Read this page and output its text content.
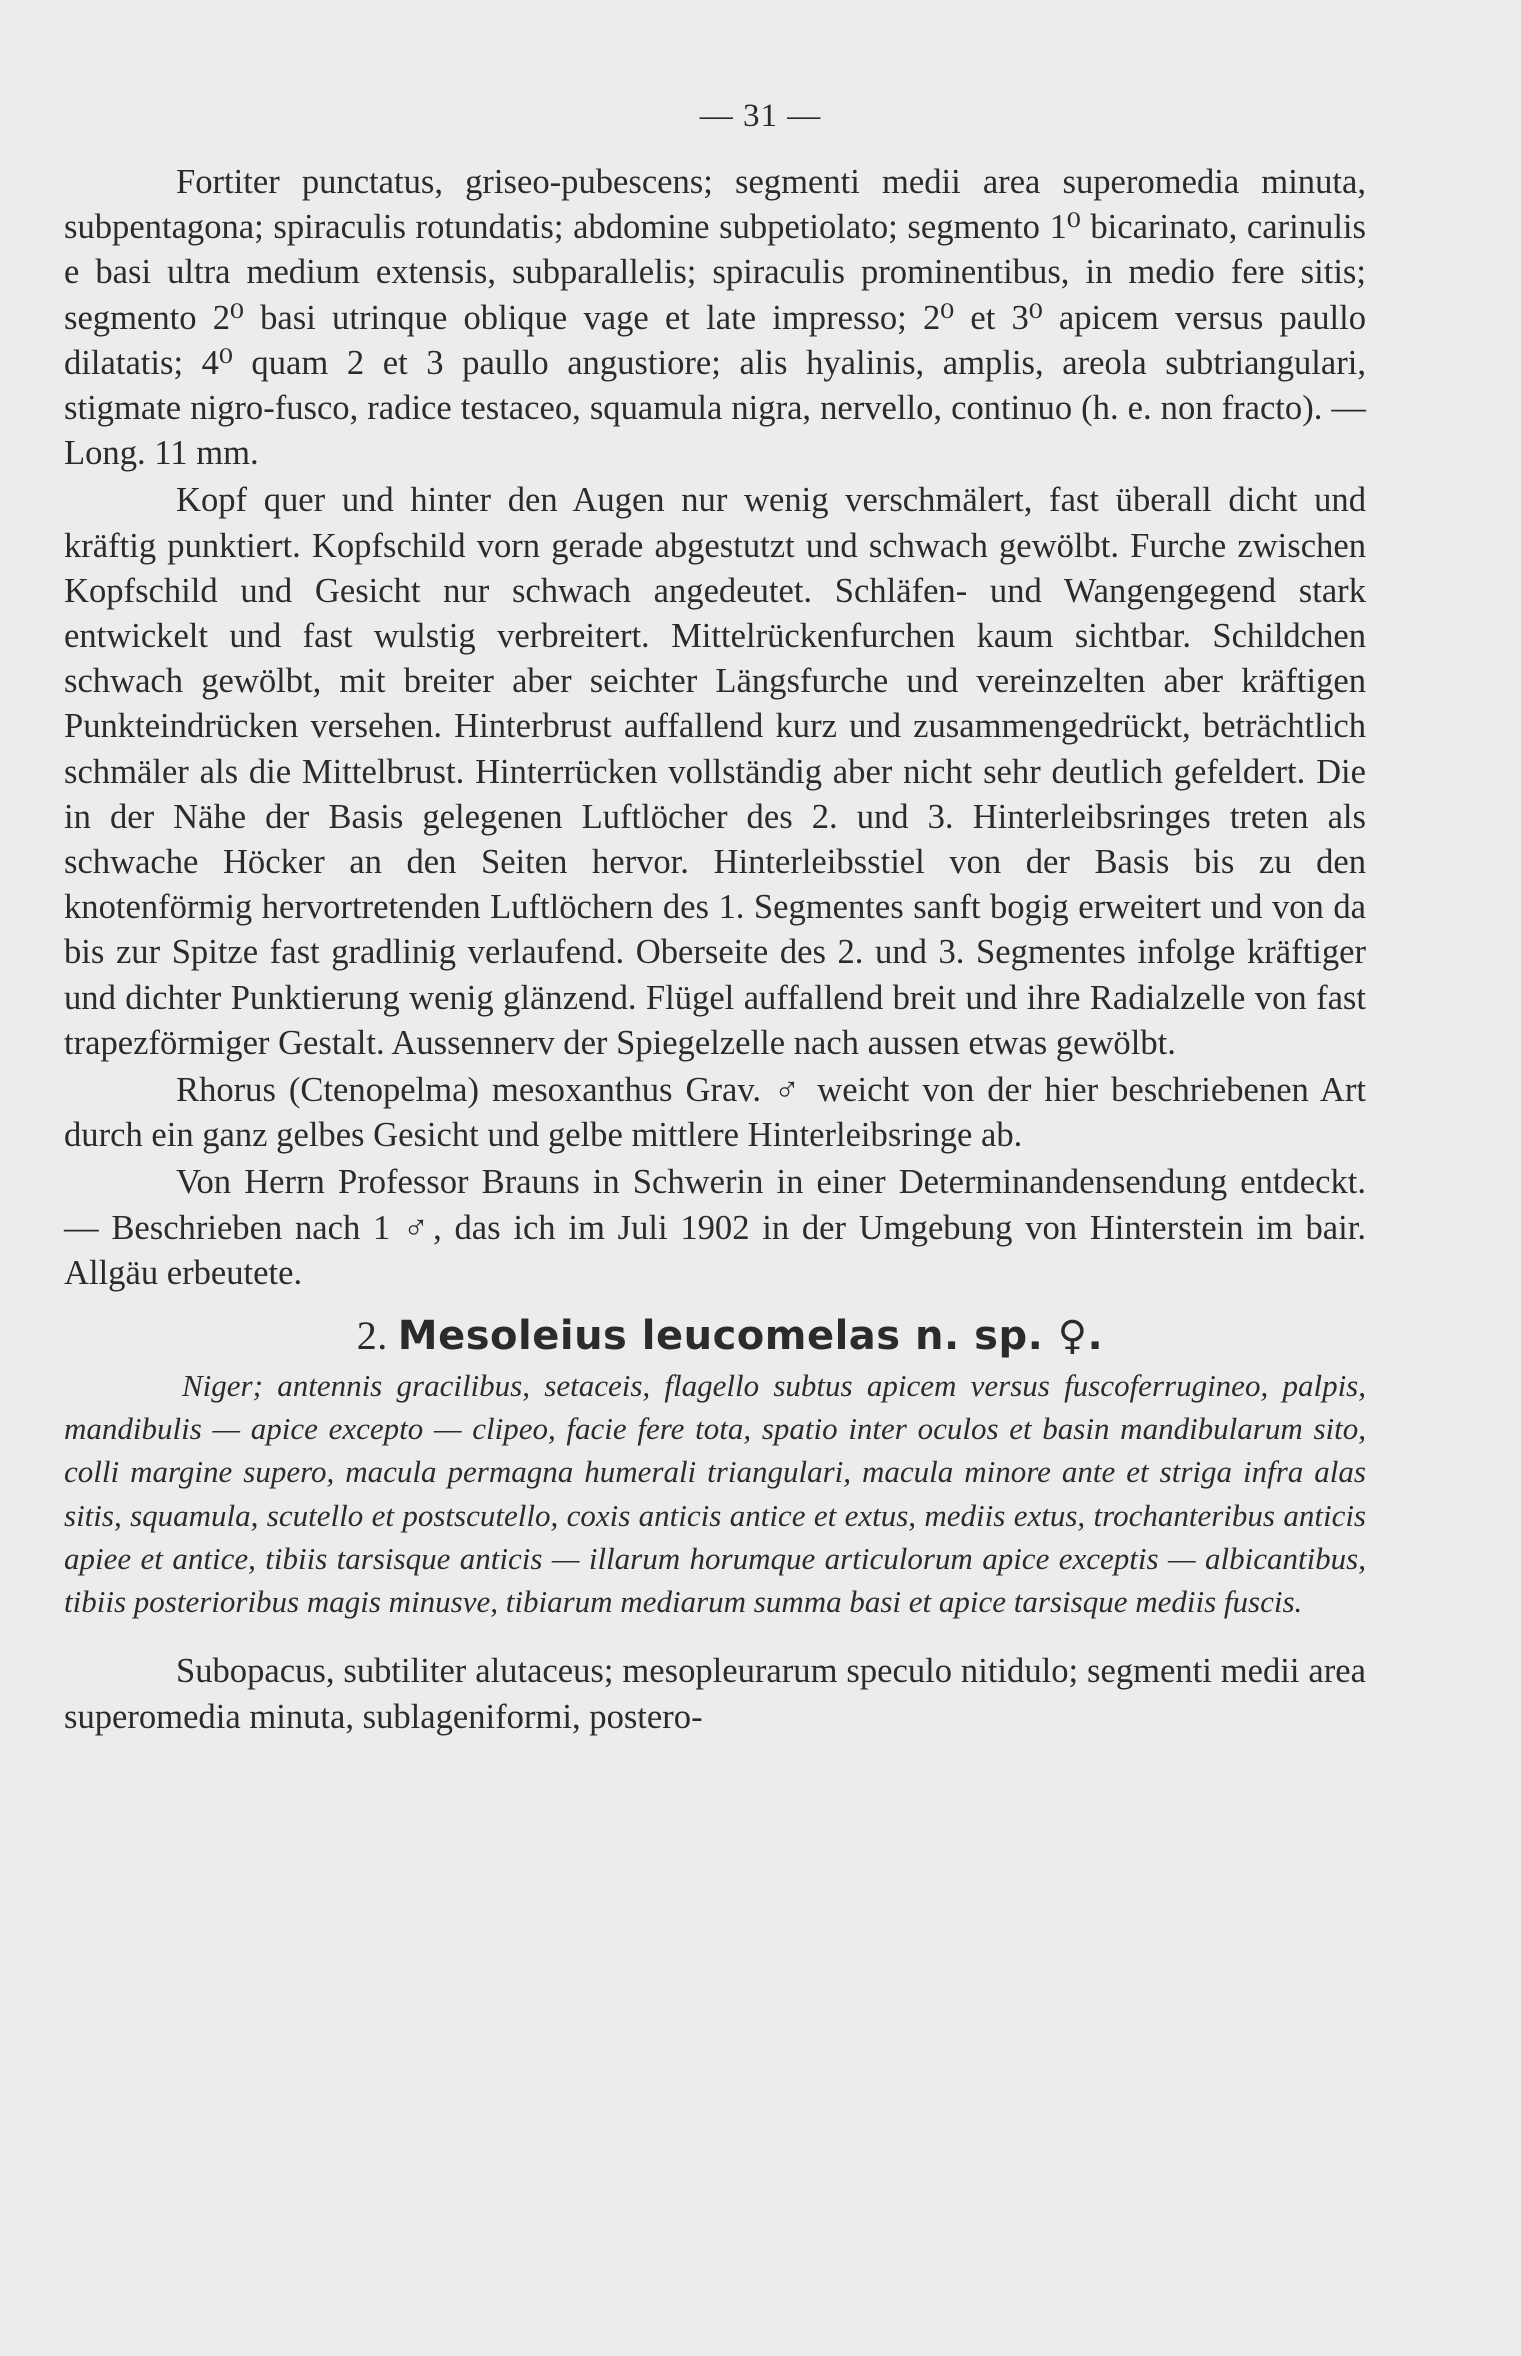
— 31 —

Fortiter punctatus, griseo-pubescens; segmenti medii area superomedia minuta, subpentagona; spiraculis rotundatis; abdomine subpetiolato; segmento 1⁰ bicarinato, carinulis e basi ultra medium extensis, subparallelis; spiraculis prominentibus, in medio fere sitis; segmento 2⁰ basi utrinque oblique vage et late impresso; 2⁰ et 3⁰ apicem versus paullo dilatatis; 4⁰ quam 2 et 3 paullo angustiore; alis hyalinis, amplis, areola subtriangulari, stigmate nigro-fusco, radice testaceo, squamula nigra, nervello, continuo (h. e. non fracto). — Long. 11 mm.

Kopf quer und hinter den Augen nur wenig verschmälert, fast überall dicht und kräftig punktiert. Kopfschild vorn gerade abgestutzt und schwach gewölbt. Furche zwischen Kopfschild und Gesicht nur schwach angedeutet. Schläfen- und Wangengegend stark entwickelt und fast wulstig verbreitert. Mittelrückenfurchen kaum sichtbar. Schildchen schwach gewölbt, mit breiter aber seichter Längsfurche und vereinzelten aber kräftigen Punkteindrücken versehen. Hinterbrust auffallend kurz und zusammengedrückt, beträchtlich schmäler als die Mittelbrust. Hinterrücken vollständig aber nicht sehr deutlich gefeldert. Die in der Nähe der Basis gelegenen Luftlöcher des 2. und 3. Hinterleibsringes treten als schwache Höcker an den Seiten hervor. Hinterleibsstiel von der Basis bis zu den knotenförmig hervortretenden Luftlöchern des 1. Segmentes sanft bogig erweitert und von da bis zur Spitze fast gradlinig verlaufend. Oberseite des 2. und 3. Segmentes infolge kräftiger und dichter Punktierung wenig glänzend. Flügel auffallend breit und ihre Radialzelle von fast trapezförmiger Gestalt. Aussennerv der Spiegelzelle nach aussen etwas gewölbt.

Rhorus (Ctenopelma) mesoxanthus Grav. ♂ weicht von der hier beschriebenen Art durch ein ganz gelbes Gesicht und gelbe mittlere Hinterleibsringe ab.

Von Herrn Professor Brauns in Schwerin in einer Determinandensendung entdeckt. — Beschrieben nach 1 ♂, das ich im Juli 1902 in der Umgebung von Hinterstein im bair. Allgäu erbeutete.

2. Mesoleius leucomelas n. sp. ♀.

Niger; antennis gracilibus, setaceis, flagello subtus apicem versus fuscoferrugineo, palpis, mandibulis — apice excepto — clipeo, facie fere tota, spatio inter oculos et basin mandibularum sito, colli margine supero, macula permagna humerali triangulari, macula minore ante et striga infra alas sitis, squamula, scutello et postscutello, coxis anticis antice et extus, mediis extus, trochanteribus anticis apiee et antice, tibiis tarsisque anticis — illarum horumque articulorum apice exceptis — albicantibus, tibiis posterioribus magis minusve, tibiarum mediarum summa basi et apice tarsisque mediis fuscis.

Subopacus, subtiliter alutaceus; mesopleurarum speculo nitidulo; segmenti medii area superomedia minuta, sublageniformi, postero-
